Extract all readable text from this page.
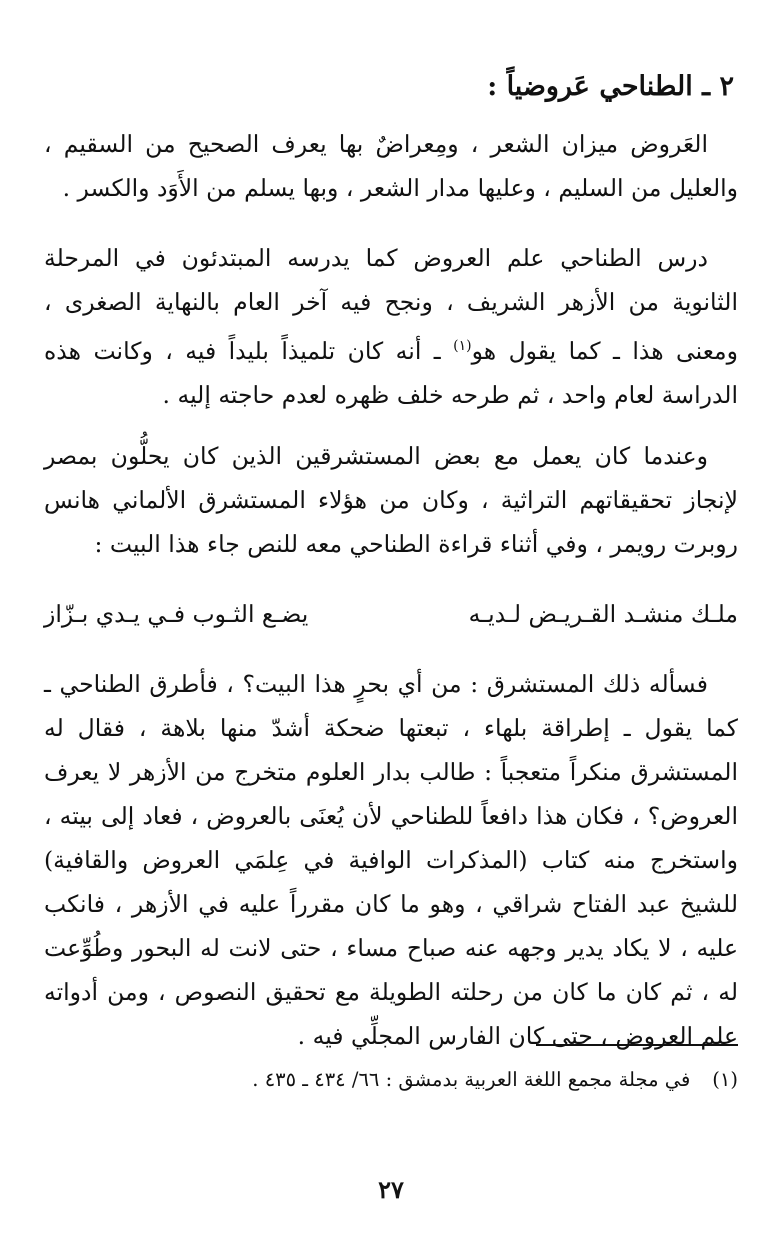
٢ ـ الطناحي عَروضياً :

العَروض ميزان الشعر ، ومِعراضٌ بها يعرف الصحيح من السقيم ، والعليل من السليم ، وعليها مدار الشعر ، وبها يسلم من الأَوَد والكسر .

درس الطناحي علم العروض كما يدرسه المبتدئون في المرحلة الثانوية من الأزهر الشريف ، ونجح فيه آخر العام بالنهاية الصغرى ، ومعنى هذا ـ كما يقول هو$^{(١)}$ ـ أنه كان تلميذاً بليداً فيه ، وكانت هذه الدراسة لعام واحد ، ثم طرحه خلف ظهره لعدم حاجته إليه .

وعندما كان يعمل مع بعض المستشرقين الذين كان يحلُّون بمصر لإنجاز تحقيقاتهم التراثية ، وكان من هؤلاء المستشرق الألماني هانس روبرت رويمر ، وفي أثناء قراءة الطناحي معه للنص جاء هذا البيت :

ملـك منشـد القـريـض لـديـه
يضـع الثـوب فـي يـدي بـزّاز

فسأله ذلك المستشرق : من أي بحرٍ هذا البيت؟ ، فأطرق الطناحي ـ كما يقول ـ إطراقة بلهاء ، تبعتها ضحكة أشدّ منها بلاهة ، فقال له المستشرق منكراً متعجباً : طالب بدار العلوم متخرج من الأزهر لا يعرف العروض؟ ، فكان هذا دافعاً للطناحي لأن يُعنَى بالعروض ، فعاد إلى بيته ، واستخرج منه كتاب (المذكرات الوافية في عِلمَي العروض والقافية) للشيخ عبد الفتاح شراقي ، وهو ما كان مقرراً عليه في الأزهر ، فانكب عليه ، لا يكاد يدير وجهه عنه صباح مساء ، حتى لانت له البحور وطُوِّعت له ، ثم كان ما كان من رحلته الطويلة مع تحقيق النصوص ، ومن أدواته علم العروض ، حتى كان الفارس المجلِّي فيه .

(١)في مجلة مجمع اللغة العربية بدمشق : ٦٦/ ٤٣٤ ـ ٤٣٥ .
٢٧
